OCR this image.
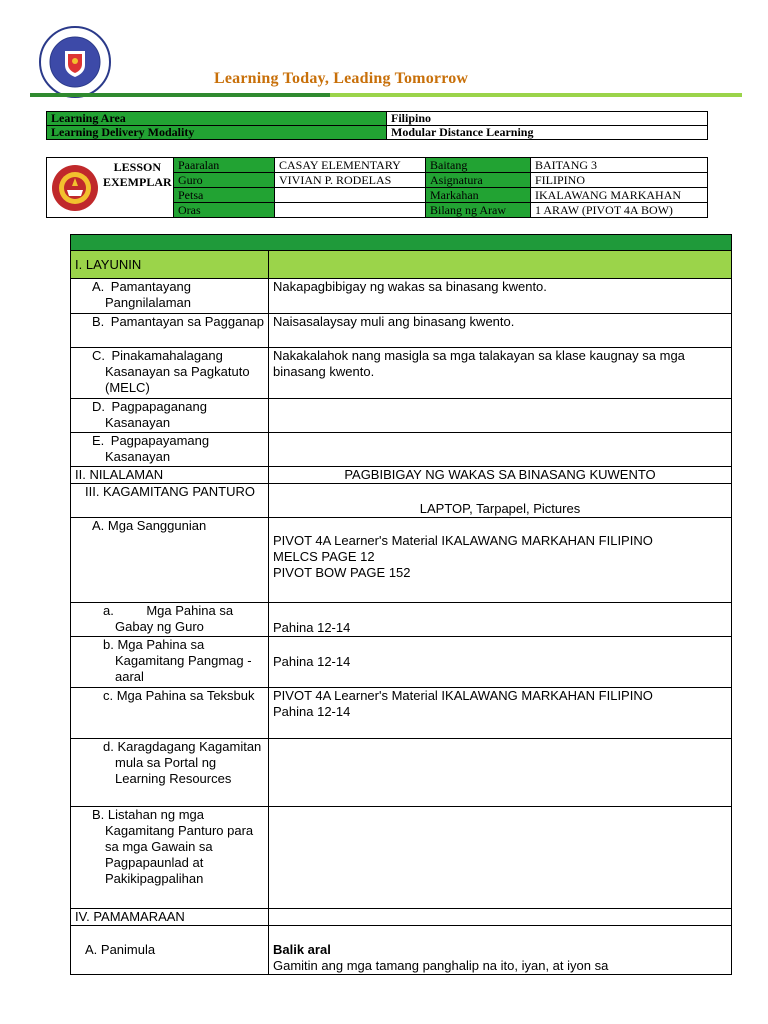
Learning Today, Leading Tomorrow
Learning Area	Filipino
Learning Delivery Modality	Modular Distance Learning
LESSON
EXEMPLAR	Paaralan	CASAY ELEMENTARY	Baitang	BAITANG 3
	Guro	VIVIAN P. RODELAS	Asignatura	FILIPINO
	Petsa		Markahan	IKALAWANG MARKAHAN
	Oras		Bilang ng Araw	1 ARAW (PIVOT 4A BOW)

I. LAYUNIN	

A. Pamantayang Pangnilalaman	Nakapagbibigay ng wakas sa binasang kwento.

B. Pamantayan sa Pagganap	Naisasalaysay muli ang binasang kwento.

C. Pinakamahalagang Kasanayan sa Pagkatuto (MELC)	Nakakalahok nang masigla sa mga talakayan sa klase kaugnay sa mga binasang kwento.

D. Pagpapaganang Kasanayan	

E. Pagpapayamang Kasanayan	

II. NILALAMAN	PAGBIBIGAY NG WAKAS SA BINASANG KUWENTO

III. KAGAMITANG PANTURO	LAPTOP, Tarpapel, Pictures

A. Mga Sanggunian	PIVOT 4A Learner's Material IKALAWANG MARKAHAN FILIPINO
MELCS PAGE 12
PIVOT BOW PAGE 152

a.   Mga Pahina sa Gabay ng Guro	Pahina 12-14

b. Mga Pahina sa Kagamitang Pangmag -aaral	Pahina 12-14

c. Mga Pahina sa Teksbuk	PIVOT 4A Learner's Material IKALAWANG MARKAHAN FILIPINO
Pahina 12-14

d. Karagdagang Kagamitan mula sa Portal ng Learning Resources	

B. Listahan ng mga Kagamitang Panturo para sa mga Gawain sa Pagpapaunlad at Pakikipagpalihan	

IV. PAMAMARAAN	

A. Panimula	Balik aral
Gamitin ang mga tamang panghalip na ito, iyan, at iyon sa
